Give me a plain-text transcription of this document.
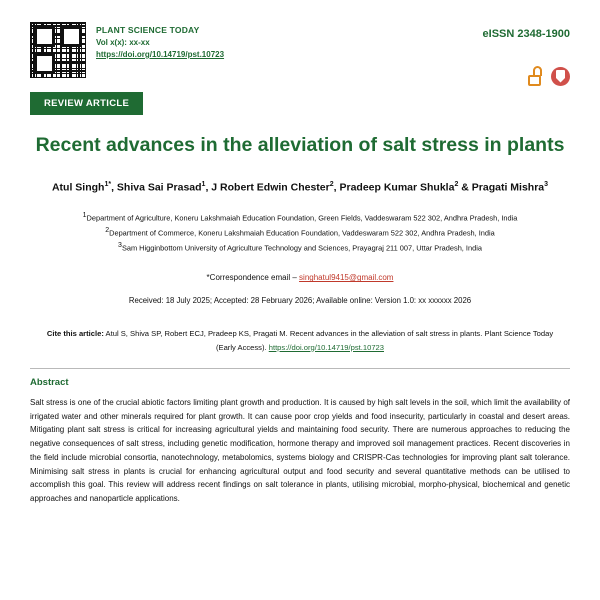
PLANT SCIENCE TODAY
Vol x(x): xx-xx
https://doi.org/10.14719/pst.10723
eISSN 2348-1900
REVIEW ARTICLE
Recent advances in the alleviation of salt stress in plants
Atul Singh$^{1*}$, Shiva Sai Prasad$^1$, J Robert Edwin Chester$^2$, Pradeep Kumar Shukla$^2$ & Pragati Mishra$^3$
$^1$Department of Agriculture, Koneru Lakshmaiah Education Foundation, Green Fields, Vaddeswaram 522 302, Andhra Pradesh, India
$^2$Department of Commerce, Koneru Lakshmaiah Education Foundation, Vaddeswaram 522 302, Andhra Pradesh, India
$^3$Sam Higginbottom University of Agriculture Technology and Sciences, Prayagraj 211 007, Uttar Pradesh, India
*Correspondence email – singhatul9415@gmail.com
Received: 18 July 2025; Accepted: 28 February 2026; Available online: Version 1.0: xx xxxxxx 2026
Cite this article: Atul S, Shiva SP, Robert ECJ, Pradeep KS, Pragati M. Recent advances in the alleviation of salt stress in plants. Plant Science Today (Early Access). https://doi.org/10.14719/pst.10723
Abstract
Salt stress is one of the crucial abiotic factors limiting plant growth and production. It is caused by high salt levels in the soil, which limit the availability of irrigated water and other minerals required for plant growth. It can cause poor crop yields and food insecurity, particularly in coastal and desert areas. Mitigating plant salt stress is critical for increasing agricultural yields and maintaining food security. There are numerous approaches to reducing the negative consequences of salt stress, including genetic modification, hormone therapy and improved soil management practices. Recent discoveries in the field include microbial consortia, nanotechnology, metabolomics, systems biology and CRISPR-Cas technologies for improving plant salt tolerance. Minimising salt stress in plants is crucial for enhancing agricultural output and food security and several quantitative methods can be utilised to accomplish this goal. This review will address recent findings on salt tolerance in plants, utilising microbial, morpho-physical, biochemical and genetic approaches and nanoparticle applications.
